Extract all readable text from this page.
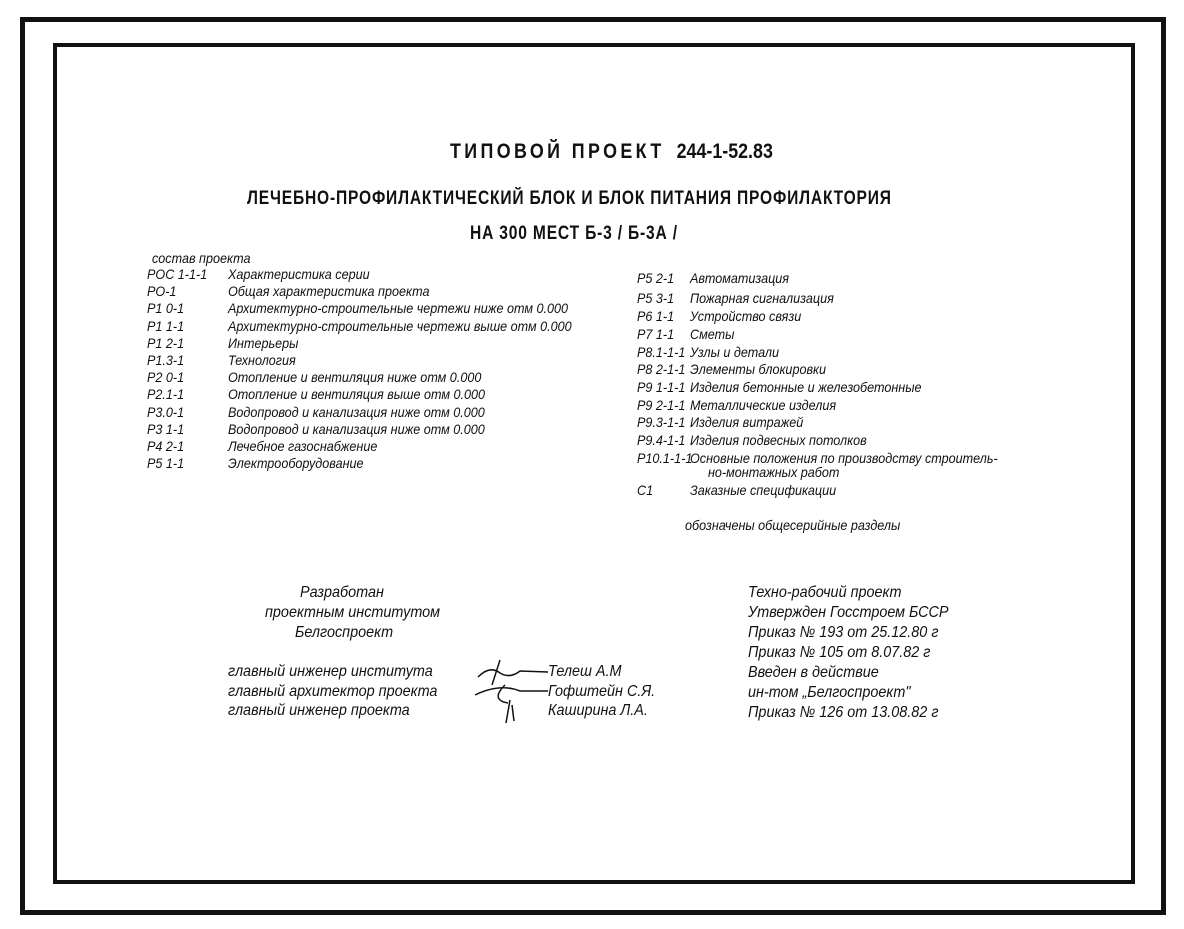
ТИПОВОЙ ПРОЕКТ 244-1-52.83
ЛЕЧЕБНО-ПРОФИЛАКТИЧЕСКИЙ БЛОК И БЛОК ПИТАНИЯ ПРОФИЛАКТОРИЯ
НА 300 МЕСТ Б-3 / Б-3А /
состав проекта
РОС 1-1-1 Характеристика серии
РО-1	Общая характеристика проекта
Р1 0-1	Архитектурно-строительные чертежи ниже отм 0.000
Р1 1-1	Архитектурно-строительные чертежи выше отм 0.000
Р1 2-1	Интерьеры
Р1.3-1	Технология
Р2 0-1	Отопление и вентиляция ниже отм 0.000
Р2.1-1	Отопление и вентиляция выше отм 0.000
Р3.0-1	Водопровод и канализация ниже отм 0.000
Р3 1-1	Водопровод и канализация ниже отм 0.000
Р4 2-1	Лечебное газоснабжение
Р5 1-1	Электрооборудование
Р5 2-1 Автоматизация
Р5 3-1 Пожарная сигнализация
Р6 1-1 Устройство связи
Р7 1-1 Сметы
Р8.1-1-1 Узлы и детали
Р8 2-1-1 Элементы блокировки
Р9 1-1-1 Изделия бетонные и железобетонные
Р9 2-1-1 Металлические изделия
Р9.3-1-1 Изделия витражей
Р9.4-1-1 Изделия подвесных потолков
Р10.1-1-1
Основные положения по производству строитель-
но-монтажных работ
С1	Заказные спецификации
обозначены общесерийные разделы
Разработан
проектным институтом
Белгоспроект
главный инженер института	Телеш А.М
главный архитектор проекта	Гофштейн С.Я.
главный инженер проекта	Каширина Л.А.
Техно-рабочий проект
Утвержден Госстроем БССР
Приказ № 193 от 25.12.80 г
Приказ № 105 от 8.07.82 г
Введен в действие
ин-том „Белгоспроект"
Приказ № 126 от 13.08.82 г
